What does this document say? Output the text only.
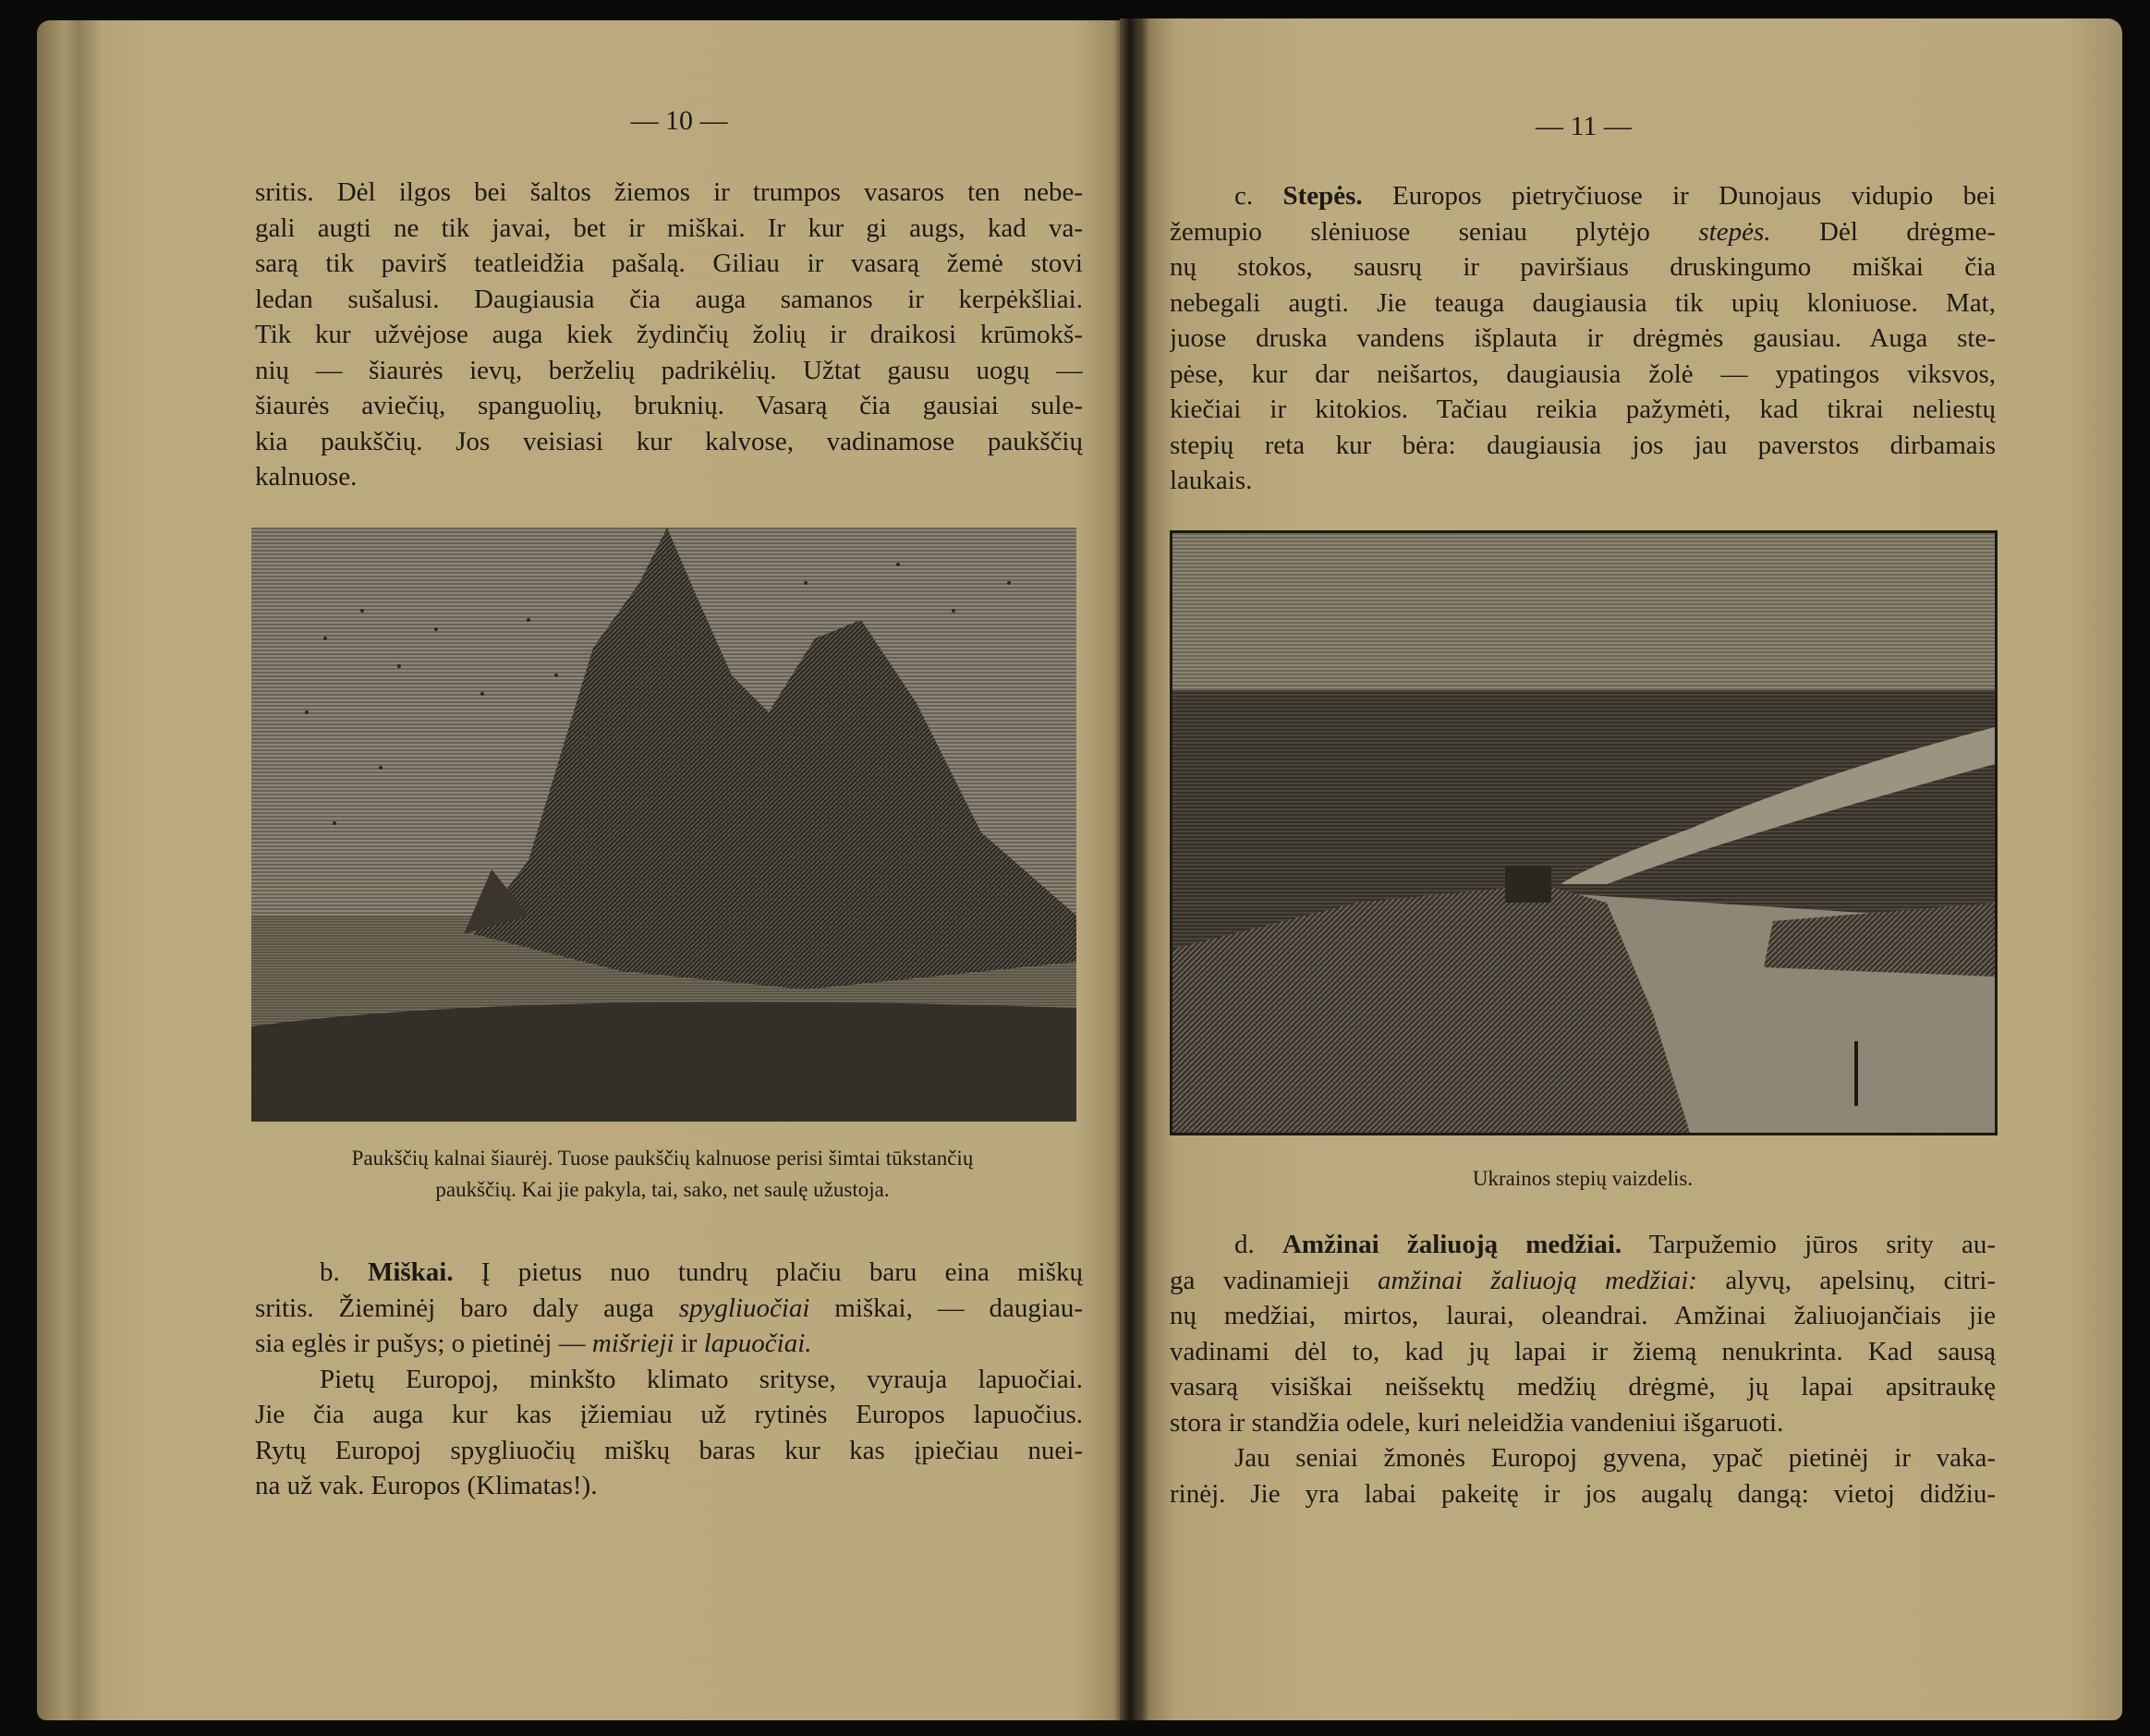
— 10 —	— 11 —
sritis. Dėl ilgos bei šaltos žiemos ir trumpos vasaros ten nebe-
gali augti ne tik javai, bet ir miškai. Ir kur gi augs, kad va-
sarą tik pavirš teatleidžia pašalą. Giliau ir vasarą žemė stovi
ledan sušalusi. Daugiausia čia auga samanos ir kerpėkšliai.
Tik kur užvėjose auga kiek žydinčių žolių ir draikosi krūmokš-
nių — šiaurės ievų, berželių padrikėlių. Užtat gausu uogų —
šiaurės aviečių, spanguolių, bruknių. Vasarą čia gausiai sule-
kia paukščių. Jos veisiasi kur kalvose, vadinamose paukščių
kalnuose.
Paukščių kalnai šiaurėj. Tuose paukščių kalnuose perisi šimtai tūkstančių
paukščių. Kai jie pakyla, tai, sako, net saulę užustoja.
b. Miškai. Į pietus nuo tundrų plačiu baru eina miškų
sritis. Žieminėj baro daly auga spygliuočiai miškai, — daugiau-
sia eglės ir pušys; o pietinėj — mišrieji ir lapuočiai.
Pietų Europoj, minkšto klimato srityse, vyrauja lapuočiai.
Jie čia auga kur kas įžiemiau už rytinės Europos lapuočius.
Rytų Europoj spygliuočių miškų baras kur kas įpiečiau nuei-
na už vak. Europos (Klimatas!).
c. Stepės. Europos pietryčiuose ir Dunojaus vidupio bei
žemupio slėniuose seniau plytėjo stepės. Dėl drėgme-
nų stokos, sausrų ir paviršiaus druskingumo miškai čia
nebegali augti. Jie teauga daugiausia tik upių kloniuose. Mat,
juose druska vandens išplauta ir drėgmės gausiau. Auga ste-
pėse, kur dar neišartos, daugiausia žolė — ypatingos viksvos,
kiečiai ir kitokios. Tačiau reikia pažymėti, kad tikrai neliestų
stepių reta kur bėra: daugiausia jos jau paverstos dirbamais
laukais.
Ukrainos stepių vaizdelis.
d. Amžinai žaliuoją medžiai. Tarpužemio jūros srity au-
ga vadinamieji amžinai žaliuoją medžiai: alyvų, apelsinų, citri-
nų medžiai, mirtos, laurai, oleandrai. Amžinai žaliuojančiais jie
vadinami dėl to, kad jų lapai ir žiemą nenukrinta. Kad sausą
vasarą visiškai neišsektų medžių drėgmė, jų lapai apsitraukę
stora ir standžia odele, kuri neleidžia vandeniui išgaruoti.
Jau seniai žmonės Europoj gyvena, ypač pietinėj ir vaka-
rinėj. Jie yra labai pakeitę ir jos augalų dangą: vietoj didžiu-
